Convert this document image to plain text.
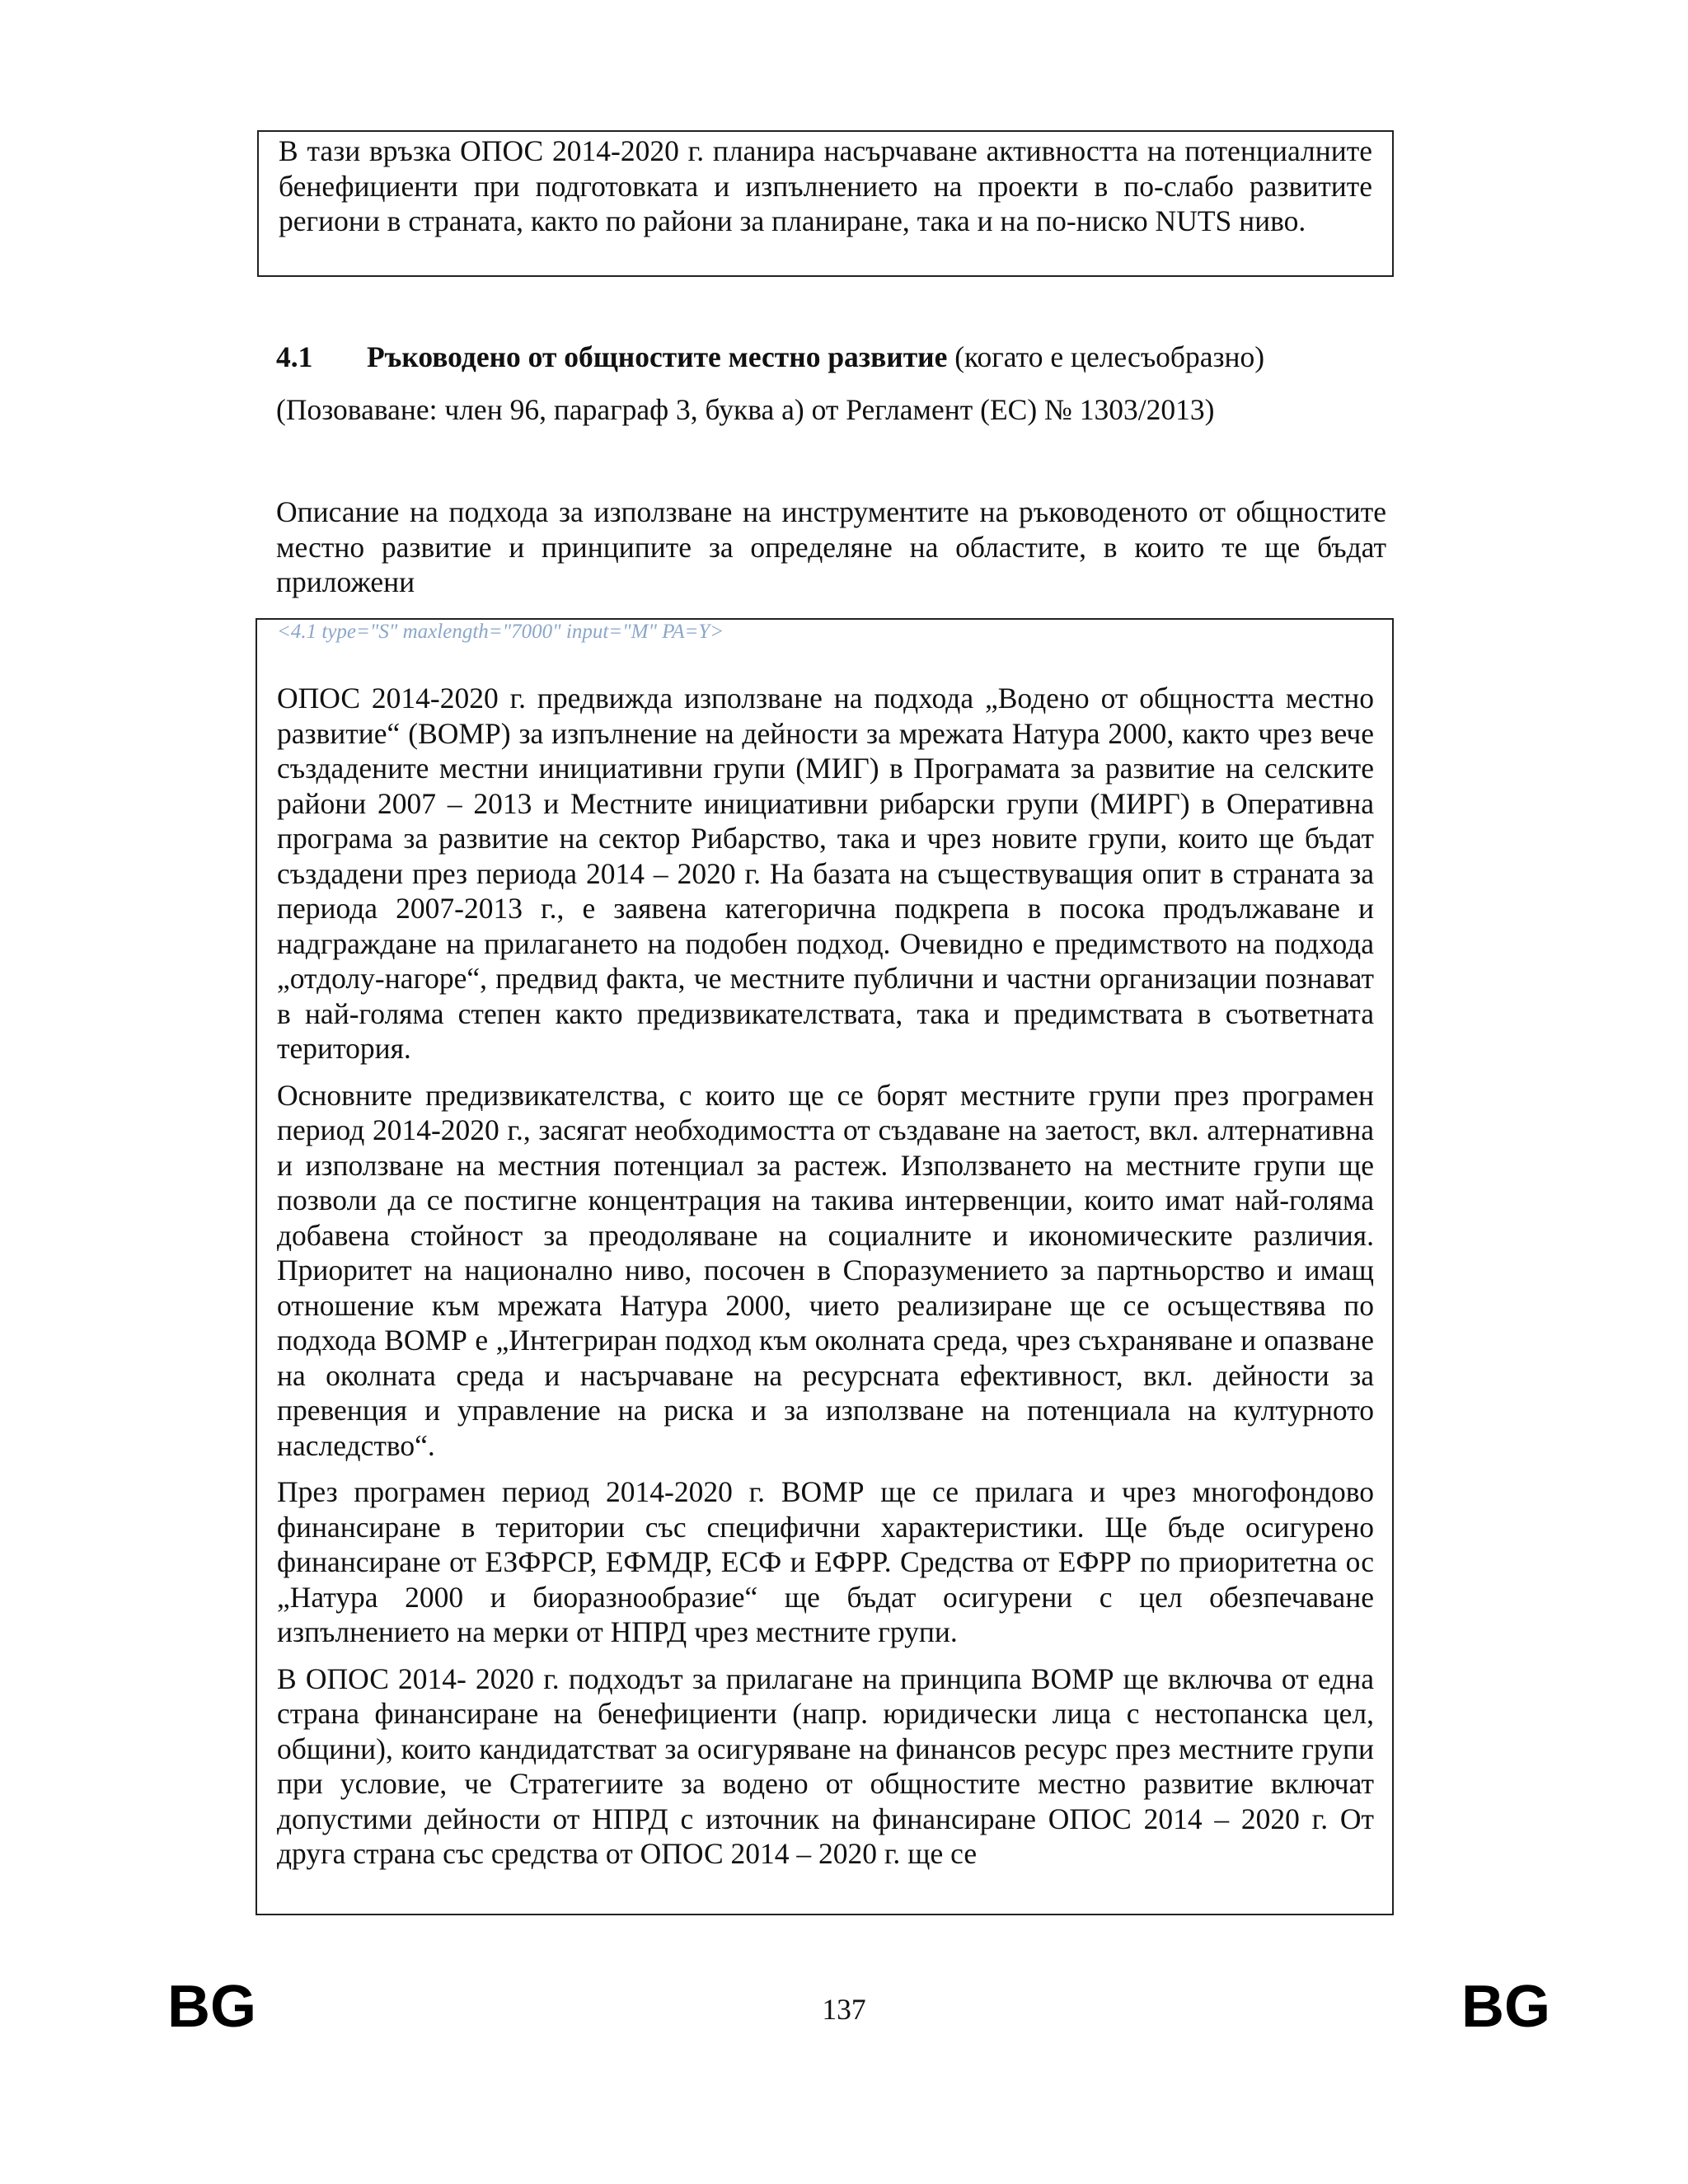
В тази връзка ОПОС 2014-2020 г. планира насърчаване активността на потенциалните бенефициенти при подготовката и изпълнението на проекти в по-слабо развитите региони в страната, както по райони за планиране, така и на по-ниско NUTS ниво.

4.1 Ръководено от общностите местно развитие (когато е целесъобразно)

(Позоваване: член 96, параграф 3, буква а) от Регламент (ЕС) № 1303/2013)

Описание на подхода за използване на инструментите на ръководеното от общностите местно развитие и принципите за определяне на областите, в които те ще бъдат приложени

<4.1 type="S" maxlength="7000" input="M" PA=Y>

ОПОС 2014-2020 г. предвижда използване на подхода „Водено от общността местно развитие“ (ВОМР) за изпълнение на дейности за мрежата Натура 2000, както чрез вече създадените местни инициативни групи (МИГ) в Програмата за развитие на селските райони 2007 – 2013 и Местните инициативни рибарски групи (МИРГ) в Оперативна програма за развитие на сектор Рибарство, така и чрез новите групи, които ще бъдат създадени през периода 2014 – 2020 г. На базата на съществуващия опит в страната за периода 2007-2013 г., е заявена категорична подкрепа в посока продължаване и надграждане на прилагането на подобен подход. Очевидно е предимството на подхода „отдолу-нагоре“, предвид факта, че местните публични и частни организации познават в най-голяма степен както предизвикателствата, така и предимствата в съответната територия.

Основните предизвикателства, с които ще се борят местните групи през програмен период 2014-2020 г., засягат необходимостта от създаване на заетост, вкл. алтернативна и използване на местния потенциал за растеж. Използването на местните групи ще позволи да се постигне концентрация на такива интервенции, които имат най-голяма добавена стойност за преодоляване на социалните и икономическите различия. Приоритет на национално ниво, посочен в Споразумението за партньорство и имащ отношение към мрежата Натура 2000, чието реализиране ще се осъществява по подхода ВОМР е „Интегриран подход към околната среда, чрез съхраняване и опазване на околната среда и насърчаване на ресурсната ефективност, вкл. дейности за превенция и управление на риска и за използване на потенциала на културното наследство“.

През програмен период 2014-2020 г. ВОМР ще се прилага и чрез многофондово финансиране в територии със специфични характеристики. Ще бъде осигурено финансиране от ЕЗФРСР, ЕФМДР, ЕСФ и ЕФРР. Средства от ЕФРР по приоритетна ос „Натура 2000 и биоразнообразие“ ще бъдат осигурени с цел обезпечаване изпълнението на мерки от НПРД чрез местните групи.

В ОПОС 2014- 2020 г. подходът за прилагане на принципа ВОМР ще включва от една страна финансиране на бенефициенти (напр. юридически лица с нестопанска цел, общини), които кандидатстват за осигуряване на финансов ресурс през местните групи при условие, че Стратегиите за водено от общностите местно развитие включат допустими дейности от НПРД с източник на финансиране ОПОС 2014 – 2020 г. От друга страна със средства от ОПОС 2014 – 2020 г. ще се

BG	137	BG
